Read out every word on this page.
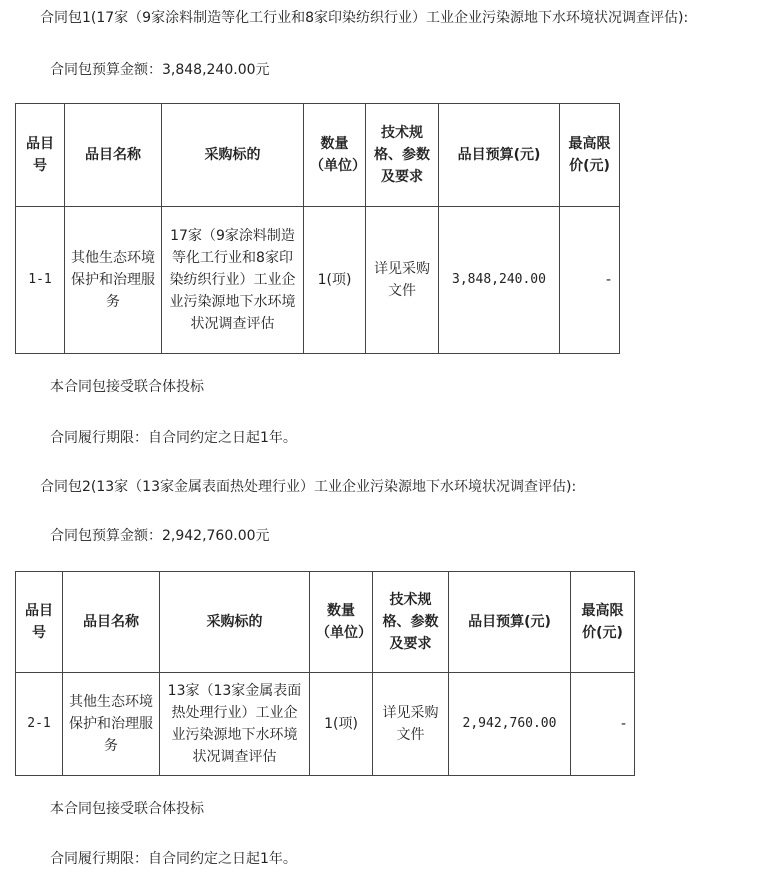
合同包1(17家（9家涂料制造等化工行业和8家印染纺织行业）工业企业污染源地下水环境状况调查评估):
合同包预算金额：3,848,240.00元
品目号	品目名称	采购标的	数量（单位）	技术规格、参数及要求	品目预算(元)	最高限价(元)
1-1	其他生态环境保护和治理服务	17家（9家涂料制造等化工行业和8家印染纺织行业）工业企业污染源地下水环境状况调查评估	1(项)	详见采购文件	3,848,240.00	-
本合同包接受联合体投标
合同履行期限：自合同约定之日起1年。
合同包2(13家（13家金属表面热处理行业）工业企业污染源地下水环境状况调查评估):
合同包预算金额：2,942,760.00元
品目号	品目名称	采购标的	数量（单位）	技术规格、参数及要求	品目预算(元)	最高限价(元)
2-1	其他生态环境保护和治理服务	13家（13家金属表面热处理行业）工业企业污染源地下水环境状况调查评估	1(项)	详见采购文件	2,942,760.00	-
本合同包接受联合体投标
合同履行期限：自合同约定之日起1年。
